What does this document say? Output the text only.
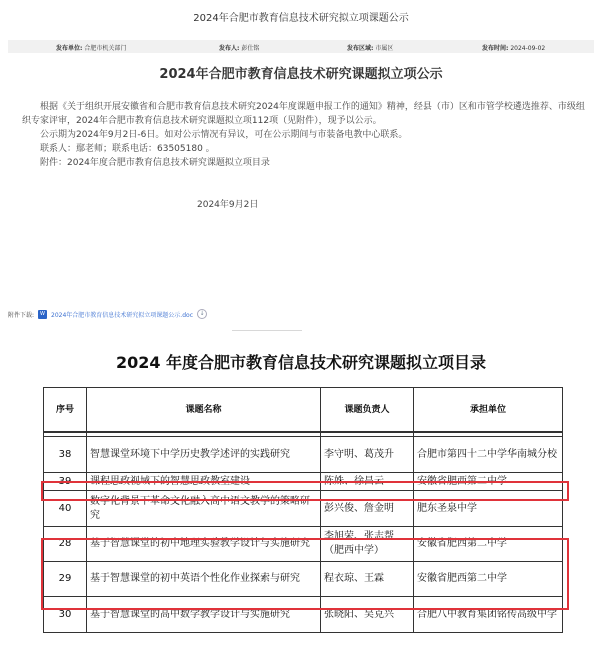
2024年合肥市教育信息技术研究拟立项课题公示
发布单位: 合肥市机关部门	发布人: 彭仕铭	发布区域: 市属区	发布时间: 2024-09-02
2024年合肥市教育信息技术研究课题拟立项公示

根据《关于组织开展安徽省和合肥市教育信息技术研究2024年度课题申报工作的通知》精神，经县（市）区和市管学校遴选推荐、市级组织专家评审，2024年合肥市教育信息技术研究课题拟立项112项（见附件），现予以公示。

公示期为2024年9月2日-6日。如对公示情况有异议，可在公示期间与市装备电教中心联系。

联系人：鄢老师；联系电话：63505180 。

附件：2024年度合肥市教育信息技术研究课题拟立项目录

2024年9月2日
附件下载:	W	2024年合肥市教育信息技术研究拟立项课题公示.doc	↓
2024 年度合肥市教育信息技术研究课题拟立项目录
序号	课题名称	课题负责人	承担单位

38	智慧课堂环境下中学历史教学述评的实践研究	李守明、葛茂升	合肥市第四十二中学华南城分校
39	课程思政视域下的智慧思政教室建设	陈姝、徐昌云	安徽省肥西第二中学
40	数字化背景下革命文化融入高中语文教学的策略研究	彭兴俊、詹金明	肥东圣泉中学
28	基于智慧课堂的初中地理实验教学设计与实施研究	李旭荣、张志帮（肥西中学）	安徽省肥西第二中学
29	基于智慧课堂的初中英语个性化作业探索与研究	程衣琼、王霖	安徽省肥西第二中学
30	基于智慧课堂的高中数学教学设计与实施研究	张晓阳、吴克兴	合肥八中教育集团铭传高级中学
